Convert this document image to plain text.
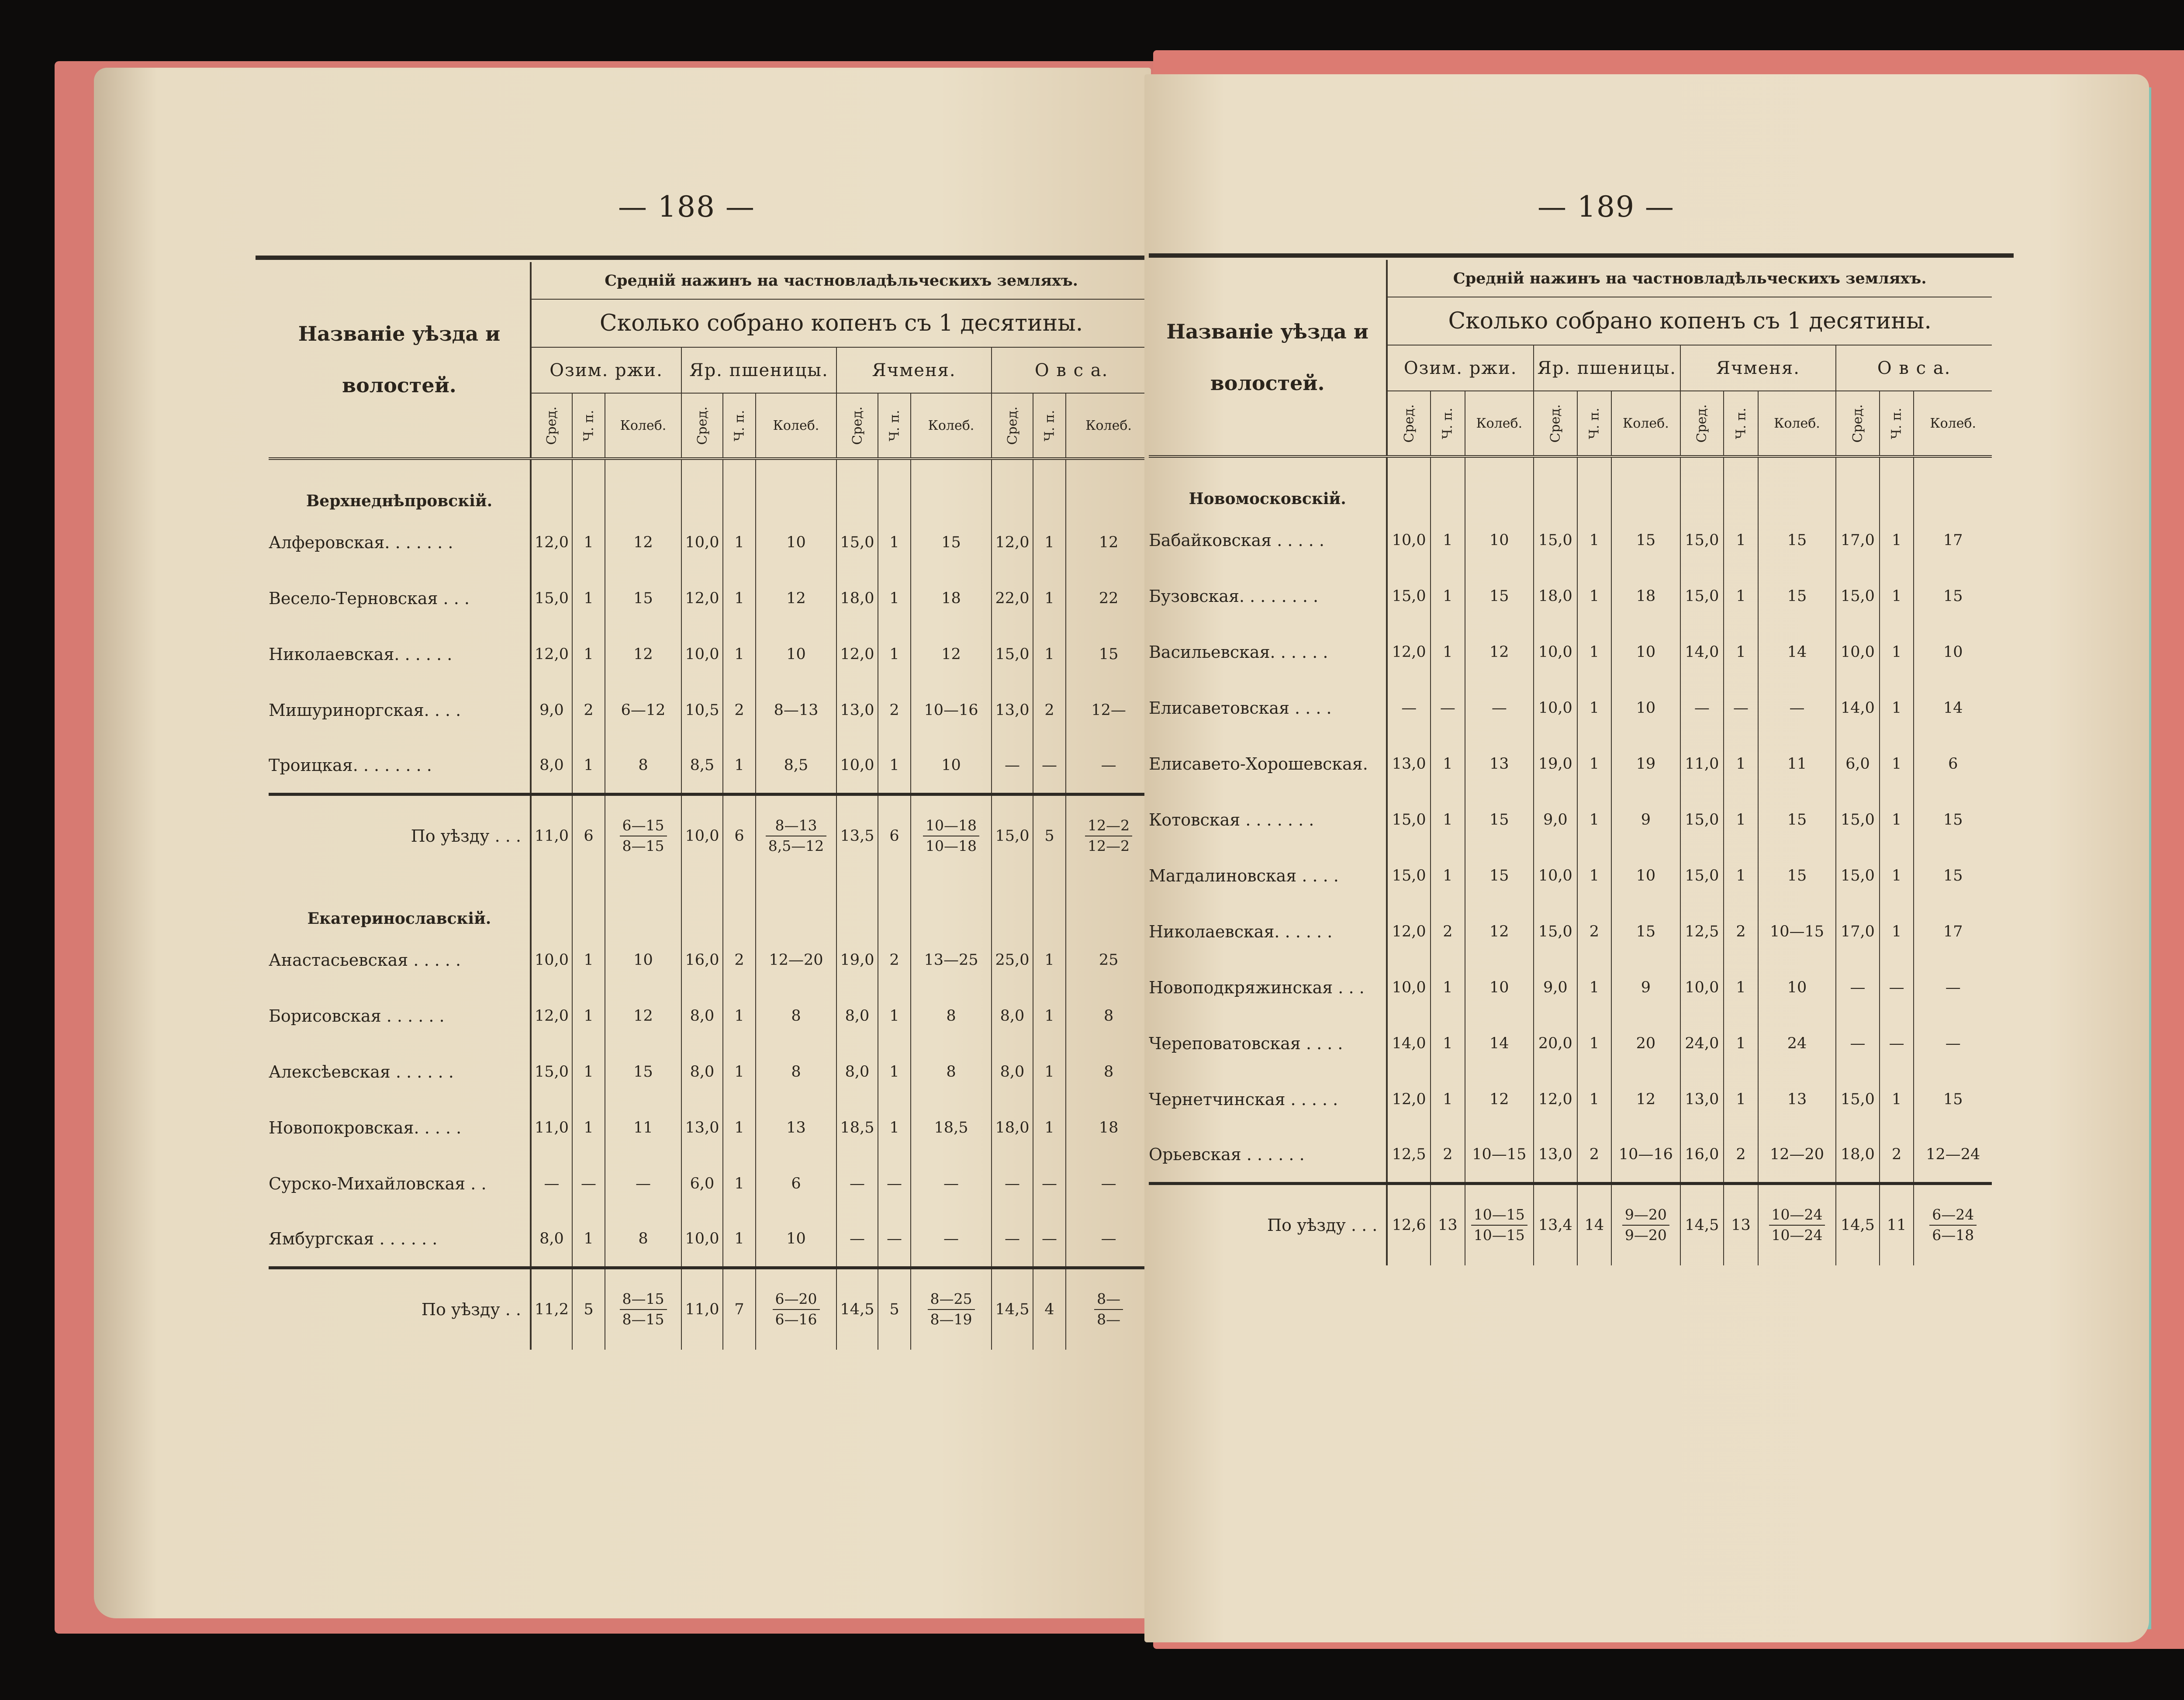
— 188 —
Названіе уѣзда и
волостей.	Среднiй нажинъ на частновладѣльческихъ земляхъ.											
	Сколько собрано копенъ съ 1 десятины.											
	Озим. ржи.			Яр. пшеницы.			Ячменя.			О в с а.		
	Сред.	Ч. п.	Колеб.	Сред.	Ч. п.	Колеб.	Сред.	Ч. п.	Колеб.	Сред.	Ч. п.	Колеб.
Верхнеднѣпровскій.												
Алферовская. . . . . . .	12,0	1	12	10,0	1	10	15,0	1	15	12,0	1	12
Весело-Терновская . . .	15,0	1	15	12,0	1	12	18,0	1	18	22,0	1	22
Николаевская. . . . . .	12,0	1	12	10,0	1	10	12,0	1	12	15,0	1	15
Мишуриноргская. . . .	9,0	2	6—12	10,5	2	8—13	13,0	2	10—16	13,0	2	12—
Троицкая. . . . . . . .	8,0	1	8	8,5	1	8,5	10,0	1	10	—	—	—
По уѣзду . . .	11,0	6	$\frac{6—15}{8—15}$	10,0	6	$\frac{8—13}{8,5—12}$	13,5	6	$\frac{10—18}{10—18}$	15,0	5	$\frac{12—2}{12—2}$

Екатеринославскій.												
Анастасьевская . . . . .	10,0	1	10	16,0	2	12—20	19,0	2	13—25	25,0	1	25
Борисовская . . . . . .	12,0	1	12	8,0	1	8	8,0	1	8	8,0	1	8
Алексѣевская . . . . . .	15,0	1	15	8,0	1	8	8,0	1	8	8,0	1	8
Новопокровская. . . . .	11,0	1	11	13,0	1	13	18,5	1	18,5	18,0	1	18
Сурско-Михайловская . .	—	—	—	6,0	1	6	—	—	—	—	—	—
Ямбургская . . . . . .	8,0	1	8	10,0	1	10	—	—	—	—	—	—
По уѣзду . .	11,2	5	$\frac{8—15}{8—15}$	11,0	7	$\frac{6—20}{6—16}$	14,5	5	$\frac{8—25}{8—19}$	14,5	4	$\frac{8—}{8—}$
— 189 —
Названіе уѣзда и
волостей.	Среднiй нажинъ на частновладѣльческихъ земляхъ.											
	Сколько собрано копенъ съ 1 десятины.											
	Озим. ржи.			Яр. пшеницы.			Ячменя.			О в с а.		
	Сред.	Ч. п.	Колеб.	Сред.	Ч. п.	Колеб.	Сред.	Ч. п.	Колеб.	Сред.	Ч. п.	Колеб.
Новомосковскій.												
Бабайковская . . . . .	10,0	1	10	15,0	1	15	15,0	1	15	17,0	1	17
Бузовская. . . . . . . .	15,0	1	15	18,0	1	18	15,0	1	15	15,0	1	15
Васильевская. . . . . .	12,0	1	12	10,0	1	10	14,0	1	14	10,0	1	10
Елисаветовская . . . .	—	—	—	10,0	1	10	—	—	—	14,0	1	14
Елисавето-Хорошевская.	13,0	1	13	19,0	1	19	11,0	1	11	6,0	1	6
Котовская . . . . . . .	15,0	1	15	9,0	1	9	15,0	1	15	15,0	1	15
Магдалиновская . . . .	15,0	1	15	10,0	1	10	15,0	1	15	15,0	1	15
Николаевская. . . . . .	12,0	2	12	15,0	2	15	12,5	2	10—15	17,0	1	17
Новоподкряжинская . . .	10,0	1	10	9,0	1	9	10,0	1	10	—	—	—
Череповатовская . . . .	14,0	1	14	20,0	1	20	24,0	1	24	—	—	—
Чернетчинская . . . . .	12,0	1	12	12,0	1	12	13,0	1	13	15,0	1	15
Орьевская . . . . . .	12,5	2	10—15	13,0	2	10—16	16,0	2	12—20	18,0	2	12—24
По уѣзду . . .	12,6	13	$\frac{10—15}{10—15}$	13,4	14	$\frac{9—20}{9—20}$	14,5	13	$\frac{10—24}{10—24}$	14,5	11	$\frac{6—24}{6—18}$
